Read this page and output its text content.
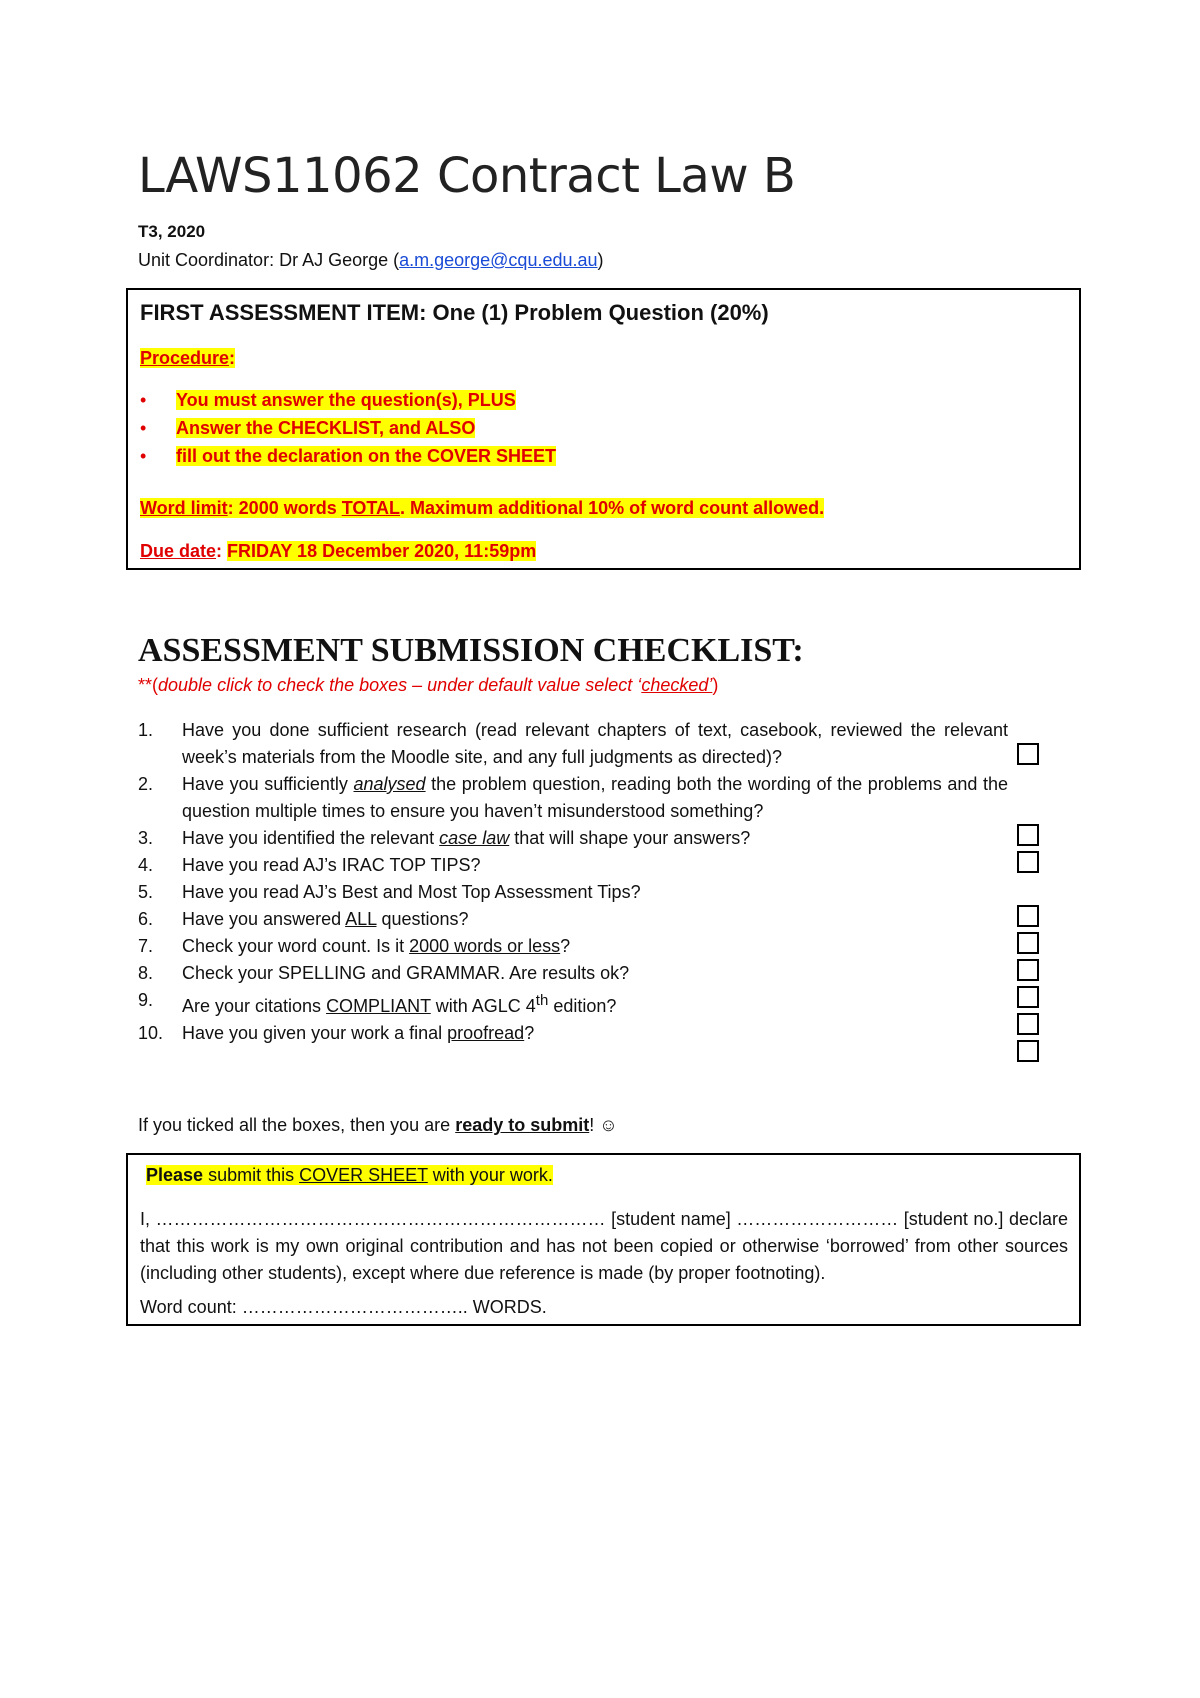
LAWS11062 Contract Law B
T3, 2020
Unit Coordinator: Dr AJ George (a.m.george@cqu.edu.au)
FIRST ASSESSMENT ITEM: One (1) Problem Question (20%)
Procedure:
• You must answer the question(s), PLUS
• Answer the CHECKLIST, and ALSO
• fill out the declaration on the COVER SHEET
Word limit: 2000 words TOTAL. Maximum additional 10% of word count allowed.
Due date: FRIDAY 18 December 2020, 11:59pm
ASSESSMENT SUBMISSION CHECKLIST:
**(double click to check the boxes – under default value select ‘checked’)
1. Have you done sufficient research (read relevant chapters of text, casebook, reviewed the relevant week’s materials from the Moodle site, and any full judgments as directed)?
2. Have you sufficiently analysed the problem question, reading both the wording of the problems and the question multiple times to ensure you haven’t misunderstood something?
3. Have you identified the relevant case law that will shape your answers?
4. Have you read AJ’s IRAC TOP TIPS?
5. Have you read AJ’s Best and Most Top Assessment Tips?
6. Have you answered ALL questions?
7. Check your word count. Is it 2000 words or less?
8. Check your SPELLING and GRAMMAR. Are results ok?
9. Are your citations COMPLIANT with AGLC 4th edition?
10. Have you given your work a final proofread?
If you ticked all the boxes, then you are ready to submit! ☺
Please submit this COVER SHEET with your work.
I, ………………………………………………………………… [student name] ……………………… [student no.] declare that this work is my own original contribution and has not been copied or otherwise ‘borrowed’ from other sources (including other students), except where due reference is made (by proper footnoting).
Word count: ……………………………….. WORDS.
